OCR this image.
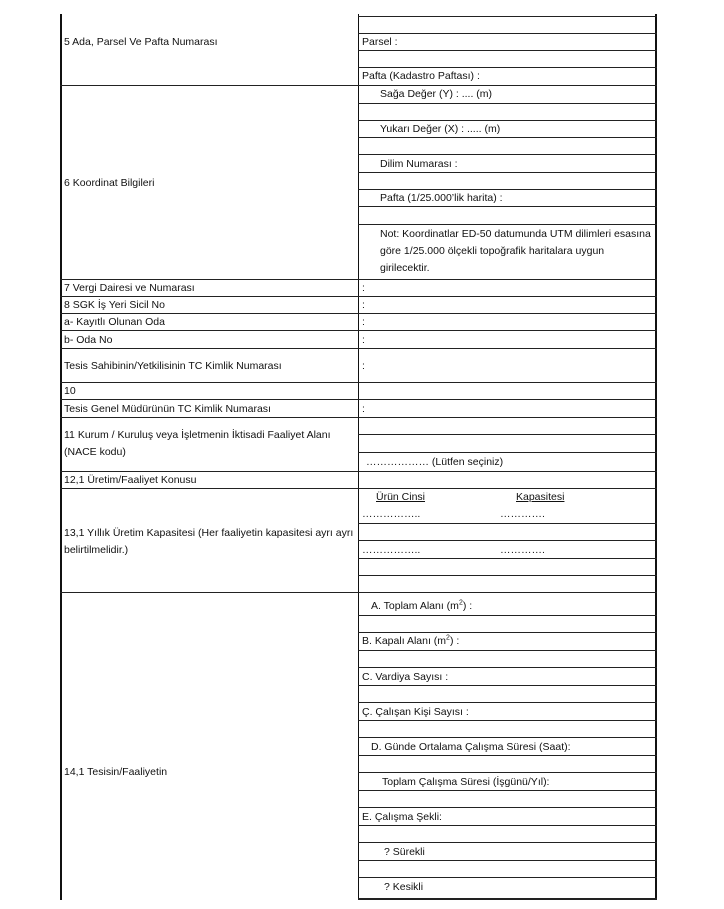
5 Ada, Parsel Ve Pafta Numarası	Parsel :
Pafta (Kadastro Paftası) :
6 Koordinat Bilgileri
Sağa Değer (Y) : .... (m)
Yukarı Değer (X) : ..... (m)
Dilim Numarası :
Pafta (1/25.000’lik harita) :
Not: Koordinatlar ED-50 datumunda UTM dilimleri esasına göre 1/25.000 ölçekli topoğrafik haritalara uygun girilecektir.
7 Vergi Dairesi ve Numarası	:
8 SGK İş Yeri Sicil No	:
a- Kayıtlı Olunan Oda	:
b- Oda No	:
Tesis Sahibinin/Yetkilisinin TC Kimlik Numarası	:
10
Tesis Genel Müdürünün TC Kimlik Numarası	:
11 Kurum / Kuruluş veya İşletmenin İktisadi Faaliyet Alanı (NACE kodu)
……………… (Lütfen seçiniz)
12,1 Üretim/Faaliyet Konusu
13,1 Yıllık Üretim Kapasitesi (Her faaliyetin kapasitesi ayrı ayrı belirtilmelidir.)
Ürün Cinsi	Kapasitesi
……………..	………….
……………..	………….
14,1 Tesisin/Faaliyetin
A. Toplam Alanı $(m^2)$ :
B. Kapalı Alanı $(m^2)$ :
C. Vardiya Sayısı :
Ç. Çalışan Kişi Sayısı :
D. Günde Ortalama Çalışma Süresi (Saat):
Toplam Çalışma Süresi (İşgünü/Yıl):
E. Çalışma Şekli:
? Sürekli
? Kesikli
